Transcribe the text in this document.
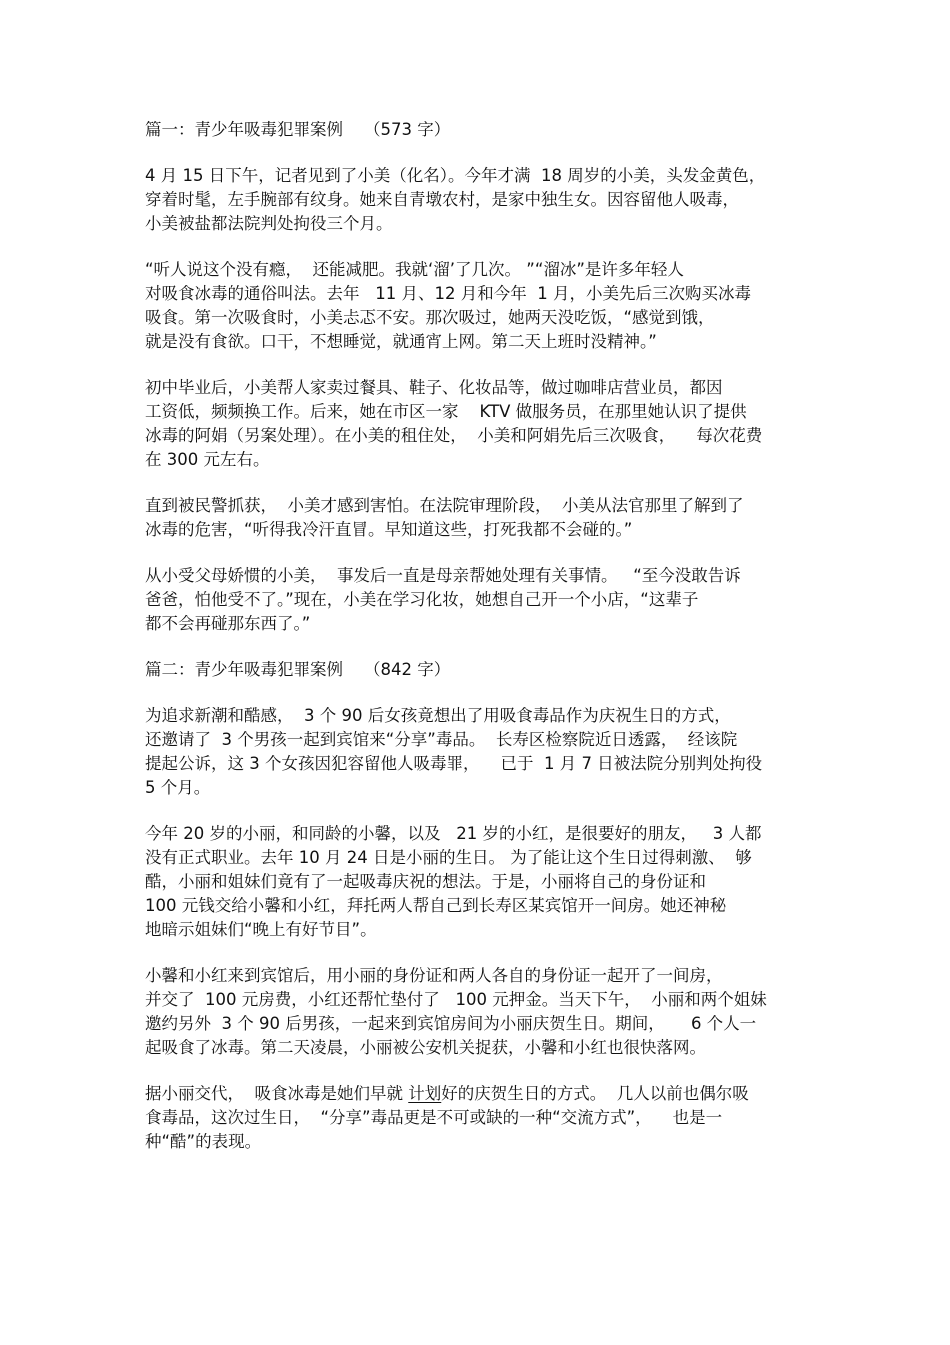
篇一：青少年吸毒犯罪案例    （573 字）
4 月 15 日下午，记者见到了小美（化名）。今年才满  18 周岁的小美，头发金黄色，
穿着时髦，左手腕部有纹身。她来自青墩农村，是家中独生女。因容留他人吸毒，
小美被盐都法院判处拘役三个月。
“听人说这个没有瘾，  还能减肥。我就‘溜’了几次。 ”“溜冰”是许多年轻人
对吸食冰毒的通俗叫法。去年   11 月、12 月和今年  1 月，小美先后三次购买冰毒
吸食。第一次吸食时，小美忐忑不安。那次吸过，她两天没吃饭，“感觉到饿，
就是没有食欲。口干，不想睡觉，就通宵上网。第二天上班时没精神。”
初中毕业后，小美帮人家卖过餐具、鞋子、化妆品等，做过咖啡店营业员，都因
工资低，频频换工作。后来，她在市区一家    KTV 做服务员，在那里她认识了提供
冰毒的阿娟（另案处理）。在小美的租住处，  小美和阿娟先后三次吸食，    每次花费
在 300 元左右。
直到被民警抓获，  小美才感到害怕。在法院审理阶段，  小美从法官那里了解到了
冰毒的危害，“听得我冷汗直冒。早知道这些，打死我都不会碰的。”
从小受父母娇惯的小美，  事发后一直是母亲帮她处理有关事情。   “至今没敢告诉
爸爸，怕他受不了。”现在，小美在学习化妆，她想自己开一个小店，“这辈子
都不会再碰那东西了。”
篇二：青少年吸毒犯罪案例    （842 字）
为追求新潮和酷感，  3 个 90 后女孩竟想出了用吸食毒品作为庆祝生日的方式，
还邀请了  3 个男孩一起到宾馆来“分享”毒品。  长寿区检察院近日透露，  经该院
提起公诉，这 3 个女孩因犯容留他人吸毒罪，    已于  1 月 7 日被法院分别判处拘役
5 个月。
今年 20 岁的小丽，和同龄的小馨，以及   21 岁的小红，是很要好的朋友，   3 人都
没有正式职业。去年 10 月 24 日是小丽的生日。 为了能让这个生日过得刺激、  够
酷，小丽和姐妹们竟有了一起吸毒庆祝的想法。于是，小丽将自己的身份证和
100 元钱交给小馨和小红，拜托两人帮自己到长寿区某宾馆开一间房。她还神秘
地暗示姐妹们“晚上有好节目”。
小馨和小红来到宾馆后，用小丽的身份证和两人各自的身份证一起开了一间房，
并交了  100 元房费，小红还帮忙垫付了   100 元押金。当天下午，  小丽和两个姐妹
邀约另外  3 个 90 后男孩，一起来到宾馆房间为小丽庆贺生日。期间，     6 个人一
起吸食了冰毒。第二天凌晨，小丽被公安机关捉获，小馨和小红也很快落网。
据小丽交代，  吸食冰毒是她们早就 计划好的庆贺生日的方式。  几人以前也偶尔吸
食毒品，这次过生日，  “分享”毒品更是不可或缺的一种“交流方式”，    也是一
种“酷”的表现。
